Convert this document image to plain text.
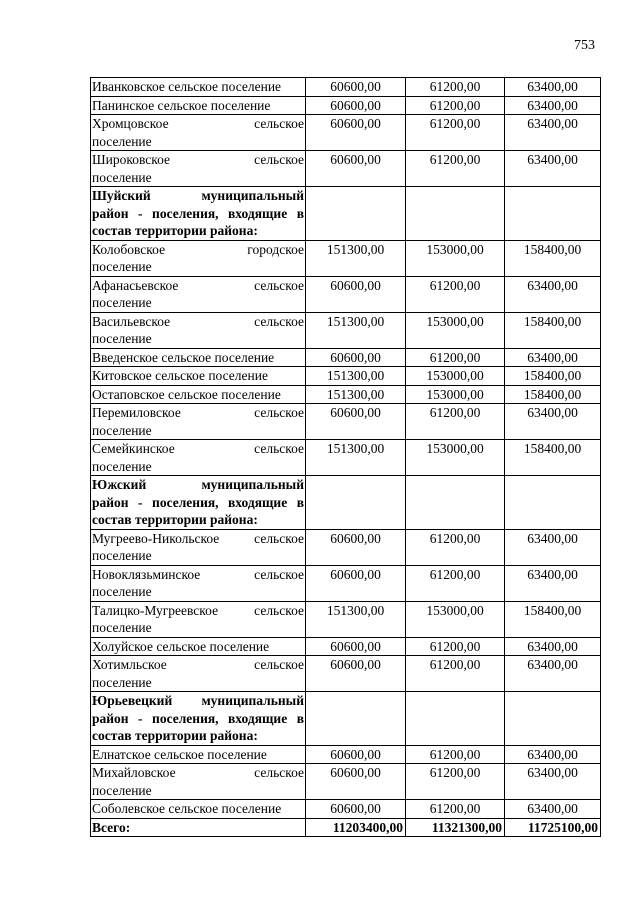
753
Иванковское сельское поселение	60600,00	61200,00	63400,00

Панинское сельское поселение	60600,00	61200,00	63400,00

Хромцовское сельское
поселение	60600,00	61200,00	63400,00

Широковское сельское
поселение	60600,00	61200,00	63400,00

Шуйский муниципальный
район - поселения, входящие в
состав территории района:			

Колобовское городское
поселение	151300,00	153000,00	158400,00

Афанасьевское сельское
поселение	60600,00	61200,00	63400,00

Васильевское сельское
поселение	151300,00	153000,00	158400,00

Введенское сельское поселение	60600,00	61200,00	63400,00

Китовское сельское поселение	151300,00	153000,00	158400,00

Остаповское сельское поселение	151300,00	153000,00	158400,00

Перемиловское сельское
поселение	60600,00	61200,00	63400,00

Семейкинское сельское
поселение	151300,00	153000,00	158400,00

Южский муниципальный
район - поселения, входящие в
состав территории района:			

Мугреево-Никольское сельское
поселение	60600,00	61200,00	63400,00

Новоклязьминское сельское
поселение	60600,00	61200,00	63400,00

Талицко-Мугреевское сельское
поселение	151300,00	153000,00	158400,00

Холуйское сельское поселение	60600,00	61200,00	63400,00

Хотимльское сельское
поселение	60600,00	61200,00	63400,00

Юрьевецкий муниципальный
район - поселения, входящие в
состав территории района:			

Елнатское сельское поселение	60600,00	61200,00	63400,00

Михайловское сельское
поселение	60600,00	61200,00	63400,00

Соболевское сельское поселение	60600,00	61200,00	63400,00

Всего:	11203400,00	11321300,00	11725100,00
